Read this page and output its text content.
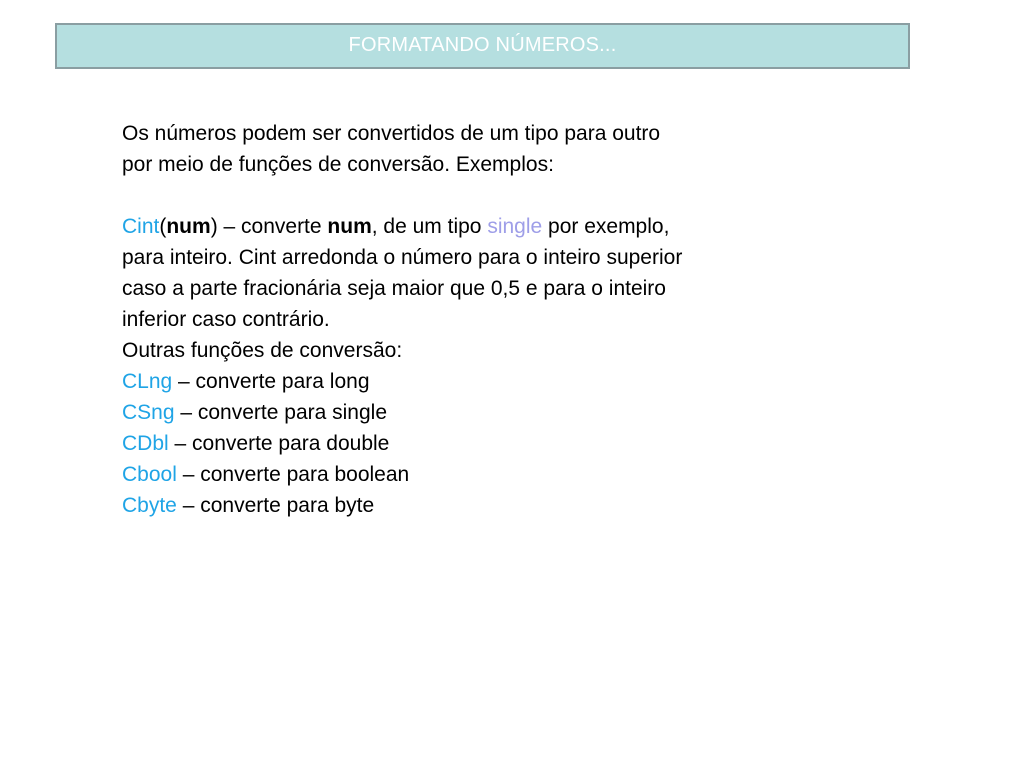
FORMATANDO NÚMEROS...

Os números podem ser convertidos de um tipo para outro

por meio de funções de conversão. Exemplos:

Cint(num) – converte num, de um tipo single por exemplo,

para inteiro. Cint arredonda o número para o inteiro superior

caso a parte fracionária seja maior que 0,5 e para o inteiro

inferior caso contrário.

Outras funções de conversão:

CLng – converte para long

CSng – converte para single

CDbl – converte para double

Cbool – converte para boolean

Cbyte – converte para byte
